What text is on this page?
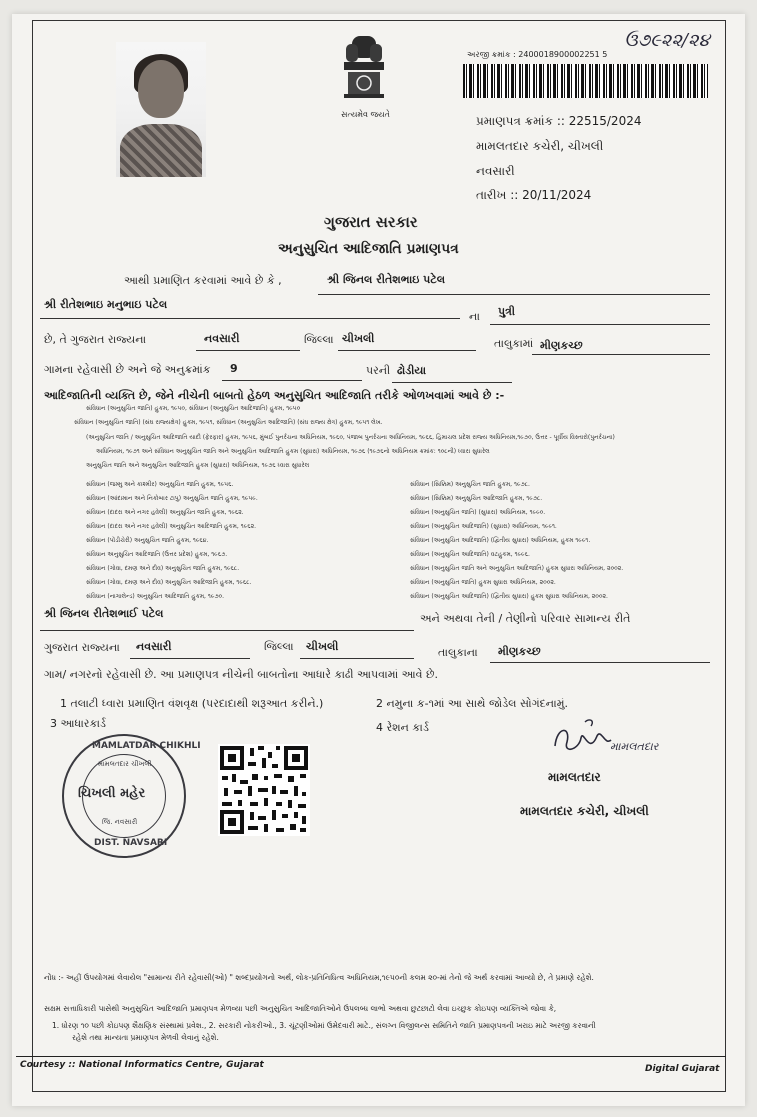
ઉ૭૯૨૨/૨૪
સત્યમેવ જયતે
અરજી ક્રમાંક : 2400018900002251 5
પ્રમાણપત્ર ક્રમાંક :: 22515/2024
મામલતદાર કચેરી, ચીખલી
નવસારી
તારીખ :: 20/11/2024
ગુજરાત સરકાર
અનુસુચિત આદિજાતિ પ્રમાણપત્ર
આથી પ્રમાણિત કરવામાં આવે છે કે ,	શ્રી જિનલ રીતેશભાઇ પટેલ
શ્રી રીતેશભાઇ મનુભાઇ પટેલ
ના પુત્રી
છે, તે ગુજરાત રાજ્યના	નવસારી	જિલ્લા ચીખલી	તાલુકામાં મીણકચ્છ
ગામના રહેવાસી છે અને જે અનુક્રમાંક 9	પરની ઢોડીયા
આદિજાતિની વ્યક્તિ છે, જેને નીચેની બાબતો હેઠળ અનુસુચિત આદિજાતિ તરીકે ઓળખવામાં આવે છે :-
સંવિધાન (અનુસુચિત જાતિ) હુકમ, ૧૯૫૦, સંવિધાન (અનુસુચિત આદિજાતિ) હુકમ, ૧૯૫૦
સંવિધાન (અનુસુચિત જાતિ) (સંઘ રાજ્યક્ષેત્ર) હુકમ, ૧૯૫૧, સંવિધાન (અનુસુચિત આદિજાતિ) (સંઘ રાજ્ય ક્ષેત્ર) હુકમ, ૧૯૫૧ લેખ.
(અનુસુચિત જાતિ / અનુસુચિત આદિજાતિ યાદી (ફેરફાર) હુકમ, ૧૯૫૬, મુંબઈ પુનર્રચના અધિનિયમ, ૧૯૬૦, પંજાબ પુનર્રચના અધિનિયમ, ૧૯૬૬, હિમાચલ પ્રદેશ રાજ્ય અધિનિયમ,૧૯૭૦, ઉત્તર - પૂર્વીય વિસ્તારો(પુનર્રચના)
અધિનિયમ, ૧૯૭૧ અને સંવિધાન અનુસુચિત જાતિ અને અનુસુચિત આદિજાતિ હુકમ (સુધારા) અધિનિયમ, ૧૯૭૬ (૧૯૭૬નો અધિનિયમ ક્રમાંક: ૧૦૮ની) ધ્વારા સુધારેલ
અનુસુચિત જાતિ અને અનુસુચિત આદિજાતિ હુકમ (સુધારા) અધિનિયમ, ૧૯૭૬ ધ્વારા સુધારેલ
સંવિધાન (જમ્મુ અને કાશ્મીર) અનુસુચિત જાતિ હુકમ, ૧૯૫૬.
સંવિધાન (આંદામાન અને નિકોબાર ટાપુ) અનુસુચિત જાતિ હુકમ, ૧૯૫૯.
સંવિધાન (દાદરા અને નગર હવેલી) અનુસુચિત જાતિ હુકમ, ૧૯૬૨.
સંવિધાન (દાદરા અને નગર હવેલી) અનુસુચિત આદિજાતિ હુકમ, ૧૯૬૨.
સંવિધાન (પોંડીચેરી) અનુસુચિત જાતિ હુકમ, ૧૯૬૪.
સંવિધાન અનુસુચિત આદિજાતિ (ઉત્તર પ્રદેશ) હુકમ, ૧૯૬૭.
સંવિધાન (ગોવા, દમણ અને દીવ) અનુસુચિત જાતિ હુકમ, ૧૯૬૮.
સંવિધાન (ગોવા, દમણ અને દીવ) અનુસુચિત આદિજાતિ હુકમ, ૧૯૬૮.
સંવિધાન (નાગાલેન્ડ) અનુસુચિત આદિજાતિ હુકમ, ૧૯૭૦.
સંવિધાન (સિક્કિમ) અનુસુચિત જાતિ હુકમ, ૧૯૭૮.
સંવિધાન (સિક્કિમ) અનુસુચિત આદિજાતિ હુકમ, ૧૯૭૮.
સંવિધાન (અનુસુચિત જાતિ) (સુધારા) અધિનિયમ, ૧૯૯૦.
સંવિધાન (અનુસુચિત આદિજાતિ) (સુધારા) અધિનિયમ, ૧૯૯૧.
સંવિધાન (અનુસુચિત આદિજાતિ) (દ્વિતીય સુધારા) અધિનિયમ, હુકમ ૧૯૯૧.
સંવિધાન (અનુસુચિત આદિજાતિ) વટહુકમ, ૧૯૯૬.
સંવિધાન (અનુસુચિત જાતિ અને અનુસુચિત આદિજાતિ) હુકમ સુધારા અધિનિયમ, ૨૦૦૨.
સંવિધાન (અનુસુચિત જાતિ) હુકમ સુધારા અધિનિયમ, ૨૦૦૨.
સંવિધાન (અનુસુચિત આદિજાતિ) (દ્વિતીય સુધારા) હુકમ સુધારા અધિનિયમ, ૨૦૦૨.
શ્રી જિનલ રીતેશભાઈ પટેલ	અને અથવા તેની / તેણીનો પરિવાર સામાન્ય રીતે
ગુજરાત રાજ્યના નવસારી	જિલ્લા ચીખલી	તાલુકાના મીણકચ્છ
ગામ/ નગરનો રહેવાસી છે. આ પ્રમાણપત્ર નીચેની બાબતોના આધારે કાઢી આપવામાં આવે છે.
1 તલાટી ધ્વારા પ્રમાણિત વંશવૃક્ષ (પરદાદાથી શરૂઆત કરીને.)	2 નમુના ક-૧માં આ સાથે જોડેલ સોગંદનામું.
3 આધારકાર્ડ	4 રેશન કાર્ડ
MAMLATDAR CHIKHLI
મામલતદાર ચીખલી
ચિખલી મહેર
જિ. નવસારી
DIST. NAVSARI
મામલતદાર
મામલતદાર
મામલતદાર કચેરી, ચીખલી
નોંધ :- અહીં ઉપયોગમાં લેવાયેલ "સામાન્ય રીતે રહેવાસી(ઓ) " શબ્દપ્રયોગનો અર્થ, લોક-પ્રતિનિધિત્વ અધિનિયમ,૧૯૫૦ની કલમ ૨૦-માં તેનો જે અર્થ કરવામાં આવ્યો છે, તે પ્રમાણે રહેશે.
સક્ષમ સત્તાધિકારી પાસેથી અનુસુચિત આદિજાતિ પ્રમાણપત્ર મેળવ્યા પછી અનુસુચિત આદિજાતિઓને ઉપલબ્ધ લાભો અથવા છુટછાટો લેવા ઇચ્છુક કોઇપણ વ્યક્તિએ જોવા કે,
1. ધોરણ ૧૦ પછી કોઇપણ શૈક્ષણિક સંસ્થામાં પ્રવેશ., 2. સરકારી નોકરીઓ., 3. ચૂંટણીઓમાં ઉમેદવારી માટે., સંલગ્ન વિજીલન્સ સમિતિને જાતિ પ્રમાણપત્રની ખરાઇ માટે અરજી કરવાની
રહેશે તથા માન્યતા પ્રમાણપત્ર મેળવી લેવાનું રહેશે.
Courtesy :: National Informatics Centre, Gujarat	Digital Gujarat
